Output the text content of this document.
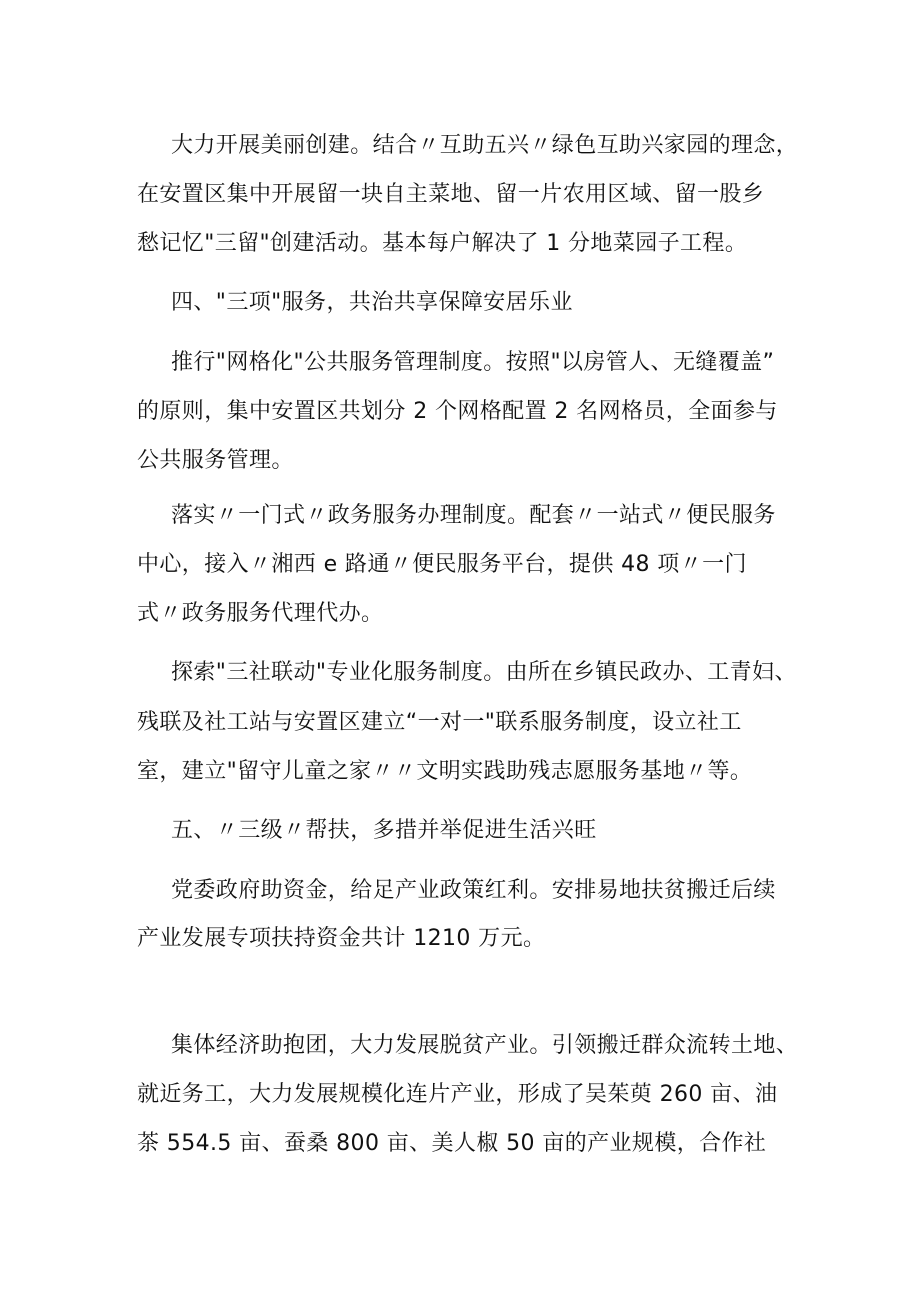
大力开展美丽创建。结合〃互助五兴〃绿色互助兴家园的理念，
在安置区集中开展留一块自主菜地、留一片农用区域、留一股乡
愁记忆"三留"创建活动。基本每户解决了 1 分地菜园子工程。
四、"三项"服务，共治共享保障安居乐业
推行"网格化"公共服务管理制度。按照"以房管人、无缝覆盖”
的原则，集中安置区共划分 2 个网格配置 2 名网格员，全面参与
公共服务管理。
落实〃一门式〃政务服务办理制度。配套〃一站式〃便民服务
中心，接入〃湘西 e 路通〃便民服务平台，提供 48 项〃一门
式〃政务服务代理代办。
探索"三社联动"专业化服务制度。由所在乡镇民政办、工青妇、
残联及社工站与安置区建立“一对一"联系服务制度，设立社工
室，建立"留守儿童之家〃〃文明实践助残志愿服务基地〃等。
五、〃三级〃帮扶，多措并举促进生活兴旺
党委政府助资金，给足产业政策红利。安排易地扶贫搬迁后续
产业发展专项扶持资金共计 1210 万元。
集体经济助抱团，大力发展脱贫产业。引领搬迁群众流转土地、
就近务工，大力发展规模化连片产业，形成了吴茱萸 260 亩、油
茶 554.5 亩、蚕桑 800 亩、美人椒 50 亩的产业规模，合作社
